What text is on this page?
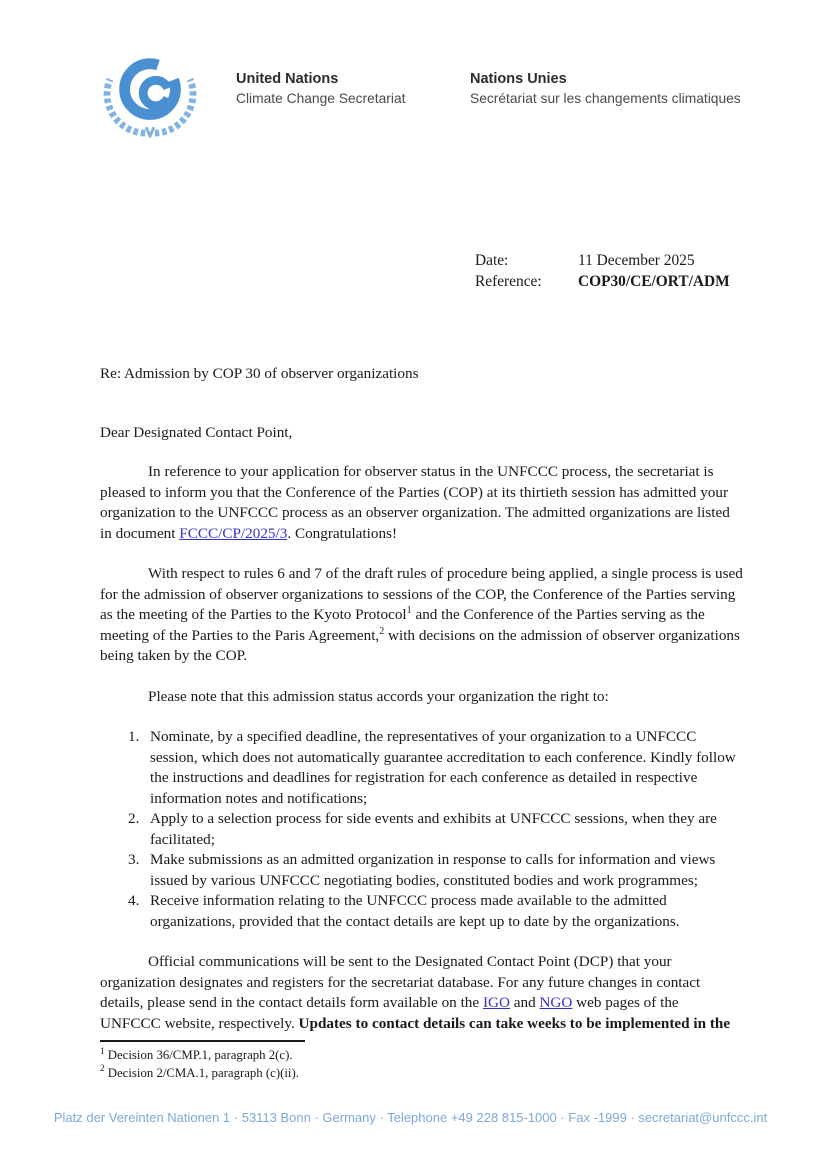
United Nations
Climate Change Secretariat
Nations Unies
Secrétariat sur les changements climatiques
Date:	11 December 2025
Reference: COP30/CE/ORT/ADM

Re: Admission by COP 30 of observer organizations

Dear Designated Contact Point,

In reference to your application for observer status in the UNFCCC process, the secretariat is pleased to inform you that the Conference of the Parties (COP) at its thirtieth session has admitted your organization to the UNFCCC process as an observer organization. The admitted organizations are listed in document FCCC/CP/2025/3. Congratulations!

With respect to rules 6 and 7 of the draft rules of procedure being applied, a single process is used for the admission of observer organizations to sessions of the COP, the Conference of the Parties serving as the meeting of the Parties to the Kyoto Protocol$^1$ and the Conference of the Parties serving as the meeting of the Parties to the Paris Agreement,$^2$ with decisions on the admission of observer organizations being taken by the COP.

Please note that this admission status accords your organization the right to:

1. Nominate, by a specified deadline, the representatives of your organization to a UNFCCC session, which does not automatically guarantee accreditation to each conference. Kindly follow the instructions and deadlines for registration for each conference as detailed in respective information notes and notifications;
2. Apply to a selection process for side events and exhibits at UNFCCC sessions, when they are facilitated;
3. Make submissions as an admitted organization in response to calls for information and views issued by various UNFCCC negotiating bodies, constituted bodies and work programmes;
4. Receive information relating to the UNFCCC process made available to the admitted organizations, provided that the contact details are kept up to date by the organizations.

Official communications will be sent to the Designated Contact Point (DCP) that your organization designates and registers for the secretariat database. For any future changes in contact details, please send in the contact details form available on the IGO and NGO web pages of the UNFCCC website, respectively. Updates to contact details can take weeks to be implemented in the

$^1$ Decision 36/CMP.1, paragraph 2(c).
$^2$ Decision 2/CMA.1, paragraph (c)(ii).
Platz der Vereinten Nationen 1 · 53113 Bonn · Germany · Telephone +49 228 815-1000 · Fax -1999 · secretariat@unfccc.int
